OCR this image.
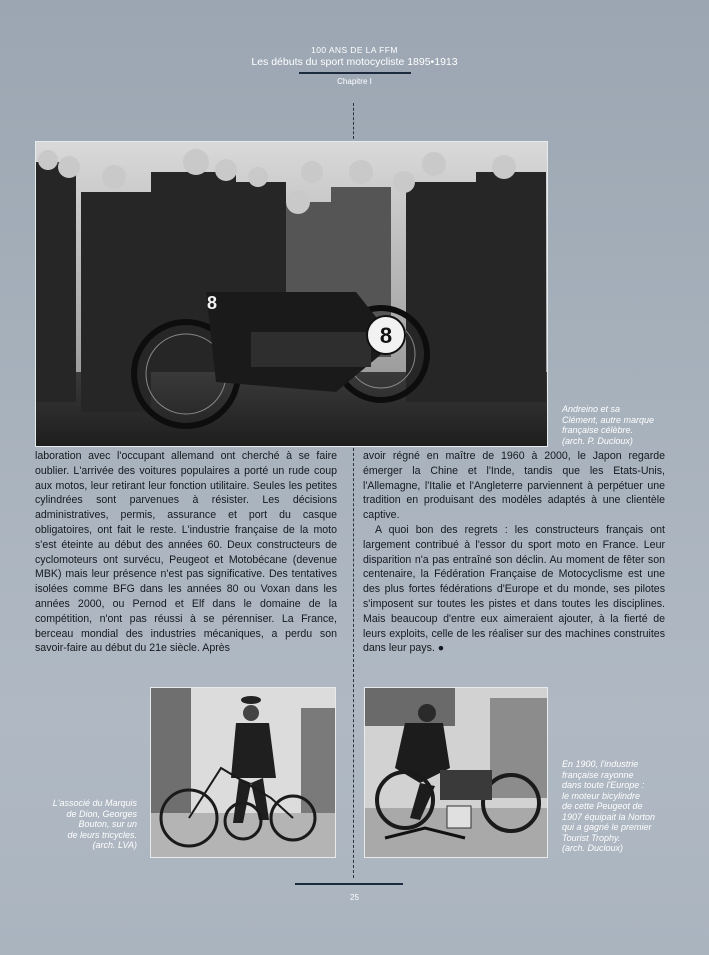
100 ANS DE LA FFM
Les débuts du sport motocycliste 1895•1913
Chapitre I
8
8
Andreino et sa
Clément, autre marque
française célèbre.
(arch. P. Ducloux)

laboration avec l'occupant allemand ont cherché à se faire oublier. L'arrivée des voitures populaires a porté un rude coup aux motos, leur retirant leur fonction utilitaire. Seules les petites cylindrées sont parvenues à résister. Les décisions administratives, permis, assurance et port du casque obligatoires, ont fait le reste. L'industrie française de la moto s'est éteinte au début des années 60. Deux constructeurs de cyclomoteurs ont survécu, Peugeot et Motobécane (devenue MBK) mais leur présence n'est pas significative. Des tentatives isolées comme BFG dans les années 80 ou Voxan dans les années 2000, ou Pernod et Elf dans le domaine de la compétition, n'ont pas réussi à se pérenniser. La France, berceau mondial des industries mécaniques, a perdu son savoir-faire au début du 21e siècle. Après

avoir régné en maître de 1960 à 2000, le Japon regarde émerger la Chine et l'Inde, tandis que les Etats-Unis, l'Allemagne, l'Italie et l'Angleterre parviennent à perpétuer une tradition en produisant des modèles adaptés à une clientèle captive.

A quoi bon des regrets : les constructeurs français ont largement contribué à l'essor du sport moto en France. Leur disparition n'a pas entraîné son déclin. Au moment de fêter son centenaire, la Fédération Française de Motocyclisme est une des plus fortes fédérations d'Europe et du monde, ses pilotes s'imposent sur toutes les pistes et dans toutes les disciplines. Mais beaucoup d'entre eux aimeraient ajouter, à la fierté de leurs exploits, celle de les réaliser sur des machines construites dans leur pays. ●

L'associé du Marquis
de Dion, Georges
Bouton, sur un
de leurs tricycles.
(arch. LVA)
En 1900, l'industrie
française rayonne
dans toute l'Europe :
le moteur bicylindre
de cette Peugeot de
1907 équipait la Norton
qui a gagné le premier
Tourist Trophy.
(arch. Ducloux)
25
